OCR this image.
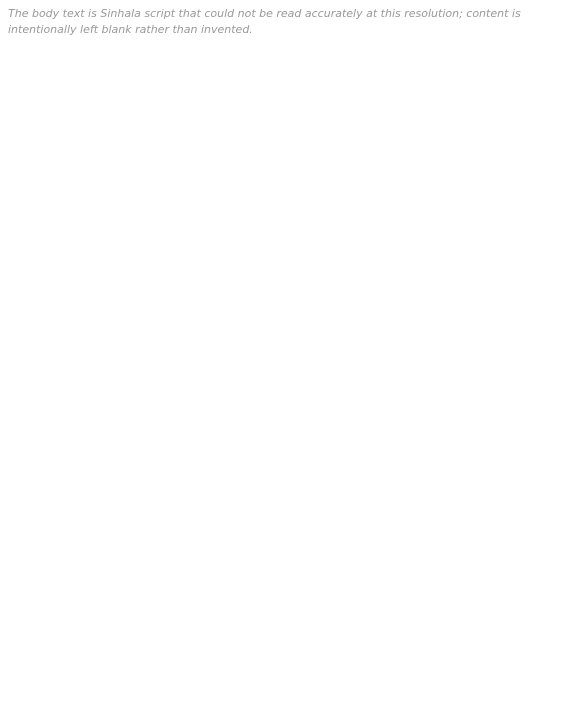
The body text is Sinhala script that could not be read accurately at this resolution; content is intentionally left blank rather than invented.
